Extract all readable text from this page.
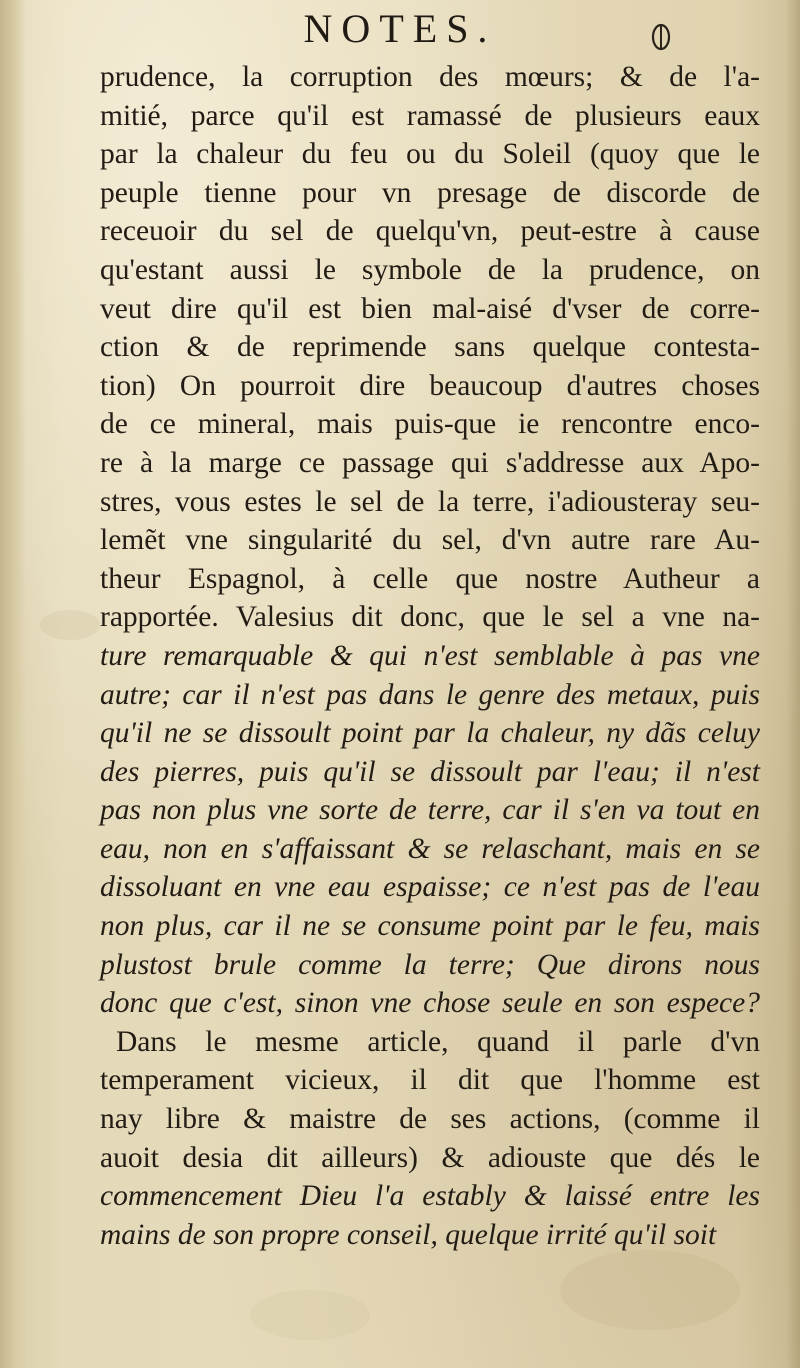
NOTES.
prudence, la corruption des mœurs; & de l'a-
mitié, parce qu'il est ramassé de plusieurs eaux
par la chaleur du feu ou du Soleil (quoy que le
peuple tienne pour vn presage de discorde de
receuoir du sel de quelqu'vn, peut-estre à cause
qu'estant aussi le symbole de la prudence, on
veut dire qu'il est bien mal-aisé d'vser de corre-
ction & de reprimende sans quelque contesta-
tion) On pourroit dire beaucoup d'autres choses
de ce mineral, mais puis-que ie rencontre enco-
re à la marge ce passage qui s'addresse aux Apo-
stres, vous estes le sel de la terre, i'adiousteray seu-
lemẽt vne singularité du sel, d'vn autre rare Au-
theur Espagnol, à celle que nostre Autheur a
rapportée. Valesius dit donc, que le sel a vne na-
ture remarquable & qui n'est semblable à pas vne
autre; car il n'est pas dans le genre des metaux, puis
qu'il ne se dissoult point par la chaleur, ny dãs celuy
des pierres, puis qu'il se dissoult par l'eau; il n'est
pas non plus vne sorte de terre, car il s'en va tout en
eau, non en s'affaissant & se relaschant, mais en se
dissoluant en vne eau espaisse; ce n'est pas de l'eau
non plus, car il ne se consume point par le feu, mais
plustost brule comme la terre; Que dirons nous
donc que c'est, sinon vne chose seule en son espece?
Dans le mesme article, quand il parle d'vn
temperament vicieux, il dit que l'homme est
nay libre & maistre de ses actions, (comme il
auoit desia dit ailleurs) & adiouste que dés le
commencement Dieu l'a estably & laissé entre les
mains de son propre conseil, quelque irrité qu'il soit
